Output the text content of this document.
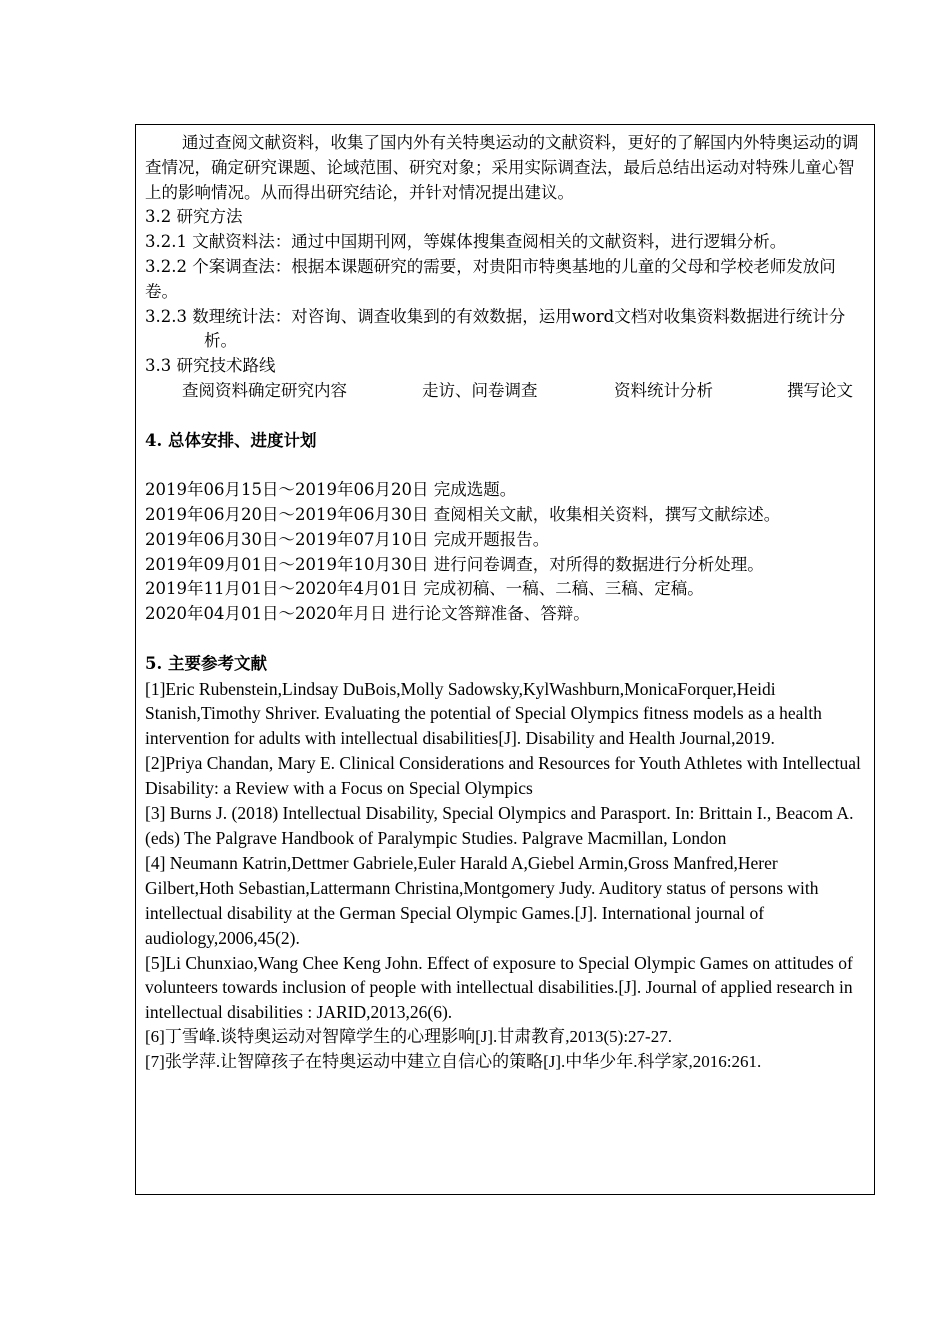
通过查阅文献资料，收集了国内外有关特奥运动的文献资料，更好的了解国内外特奥运动的调查情况，确定研究课题、论域范围、研究对象；采用实际调查法，最后总结出运动对特殊儿童心智上的影响情况。从而得出研究结论，并针对情况提出建议。

3.2 研究方法

3.2.1 文献资料法：通过中国期刊网，等媒体搜集查阅相关的文献资料，进行逻辑分析。

3.2.2 个案调查法：根据本课题研究的需要，对贵阳市特奥基地的儿童的父母和学校老师发放问卷。

3.2.3 数理统计法：对咨询、调查收集到的有效数据，运用word文档对收集资料数据进行统计分析。

3.3 研究技术路线

查阅资料确定研究内容	走访、问卷调查	资料统计分析	撰写论文

4. 总体安排、进度计划

2019年06月15日～2019年06月20日 完成选题。

2019年06月20日～2019年06月30日 查阅相关文献，收集相关资料，撰写文献综述。

2019年06月30日～2019年07月10日 完成开题报告。

2019年09月01日～2019年10月30日 进行问卷调查，对所得的数据进行分析处理。

2019年11月01日～2020年4月01日 完成初稿、一稿、二稿、三稿、定稿。

2020年04月01日～2020年月日 进行论文答辩准备、答辩。

5. 主要参考文献

[1]Eric Rubenstein,Lindsay DuBois,Molly Sadowsky,KylWashburn,MonicaForquer,Heidi Stanish,Timothy Shriver. Evaluating the potential of Special Olympics fitness models as a health intervention for adults with intellectual disabilities[J]. Disability and Health Journal,2019.

[2]Priya Chandan, Mary E. Clinical Considerations and Resources for Youth Athletes with Intellectual Disability: a Review with a Focus on Special Olympics

[3] Burns J. (2018) Intellectual Disability, Special Olympics and Parasport. In: Brittain I., Beacom A. (eds) The Palgrave Handbook of Paralympic Studies. Palgrave Macmillan, London

[4] Neumann Katrin,Dettmer Gabriele,Euler Harald A,Giebel Armin,Gross Manfred,Herer Gilbert,Hoth Sebastian,Lattermann Christina,Montgomery Judy. Auditory status of persons with intellectual disability at the German Special Olympic Games.[J]. International journal of audiology,2006,45(2).

[5]Li Chunxiao,Wang Chee Keng John. Effect of exposure to Special Olympic Games on attitudes of volunteers towards inclusion of people with intellectual disabilities.[J]. Journal of applied research in intellectual disabilities : JARID,2013,26(6).

[6]丁雪峰.谈特奥运动对智障学生的心理影响[J].甘肃教育,2013(5):27-27.

[7]张学萍.让智障孩子在特奥运动中建立自信心的策略[J].中华少年.科学家,2016:261.
